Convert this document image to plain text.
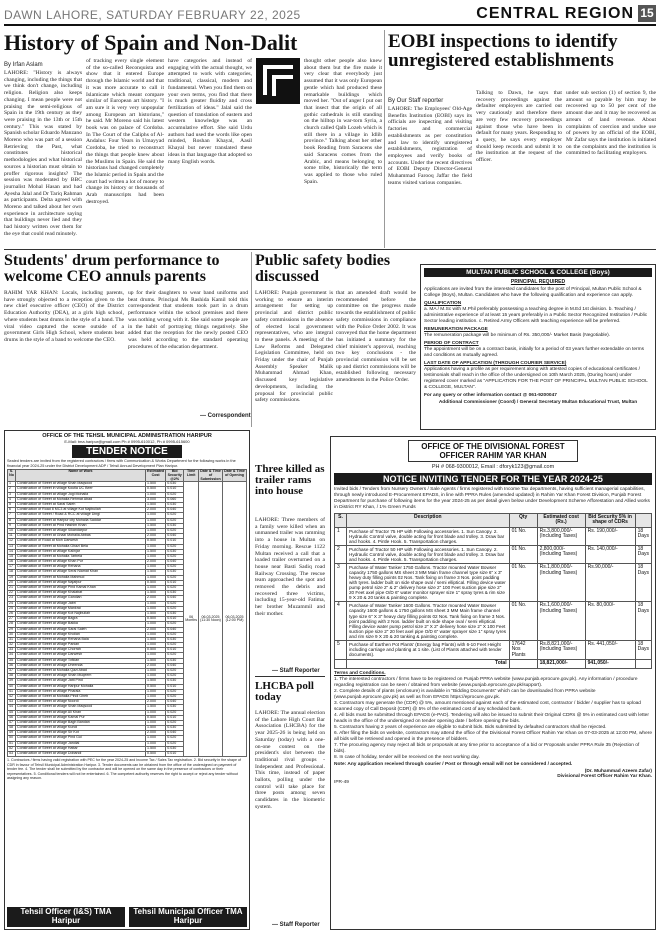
DAWN LAHORE, SATURDAY FEBRUARY 22, 2025	CENTRAL REGION 15
History of Spain and Non-Dalit
By Irfan Aslam
LAHORE: "History is always changing, including the things that we think don't change, including religion. Religion also keeps changing. I mean people were not praising the semi-religious of Spain in the 19th century as they were praising in the 13th or 15th century." This was stated by Spanish scholar Eduardo Manzano Moreno who was part of a session Retrieving the Past, what constitutes historical methodologies and what historical sources a historian must obtain to proffer rigorous insights? The session was moderated by BBC journalist Mohal Hasan and had Ayesha Jalal and Dr Tariq Rahman as participants. Delta agreed with Moreno and talked about her own experience in architecture saying that buildings never lied and they had history written over them for the eye that could read minutely.
of tracking every single element of the so-called Reconquista and show that it entered Europe through the Islamic world and that it was more accurate to call it Islamicate which meant compare similar of European art history. "I am sure it is very very unpopular among European art historians," he said. Mr Moreno said his latest book was on palace of Cordoba. In The Court of the Caliphs of Al-Andalus: Four Years in Umayyad Cordoba, he tried to reconstruct the things that people knew about the Muslims in Spain. He said the historians had changed completely the Islamic period in Spain and the court had written a lot of money to change its history or thousands of Arab manuscripts had been destroyed.
have categories and instead of engaging with the actual thought, we attempted to work with categories, traditional, classical, modern and fundamental. When you find them on your own terms, you find that there is much greater fluidity and cross fertilization of ideas." Jalal said the question of translation of eastern and western knowledge was an accumulative effort. She said Urdu authors had used the words like open minded, Roshan Khayal, Aasil Khayal but never translated these ideas in that language that adopted so many English words.
thought other people also knew about them but the fire made it very clear that everybody just assumed that it was only European gentle which had produced these remarkable buildings which moved her. "Out of anger I put out that insect that the origin of all gothic cathedrals is still standing on the hilltop in war-torn Syria, a church called Qalb Lozeh which is still there in a village in Idlib province." Talking about her other book Reading from Saracens she said Saracens comes from the Arabic, and means belonging to some tribe, historically the term was applied to those who ruled Spain.
EOBI inspections to identify unregistered establishments
By Our Staff reporter
LAHORE: The Employees' Old-Age Benefits Institution (EOBI) says its officials are inspecting and visiting factories and commercial establishments as per constitution and law to identify unregistered establishments, registration of employees and verify books of accounts. Under the recent directives of EOBI Deputy Director-General Muhammad Farooq Jaffar the field teams visited various companies.
Talking to Dawn, he says that recovery proceedings against the defaulter employers are carried out very cautiously and therefore there are very few recovery proceedings against those who have been in default for many years. Responding to a query, he says every employer should keep records and submit it to the institution at the request of the officer.
under sub section (1) of section 9, the amount so payable by him may be recovered up to 50 per cent of the amount due and it may be recovered as arrears of land revenue. About complaints of coercion and undue use of powers by an official of the EOBI, Mr Zafar says the institution is initiated on the complaints and the institution is committed to facilitating employers.
Students' drum performance to welcome CEO annuls parents
RAHIM YAR KHAN: Locals, including parents, have strongly objected to a reception given to the new chief executive officer (CEO) of the District Education Authority (DEA), at a girls high school, where students beat drums in the style of a band. The viral video captured the scene outside of a government Girls High School, where students beat drums in the style of a band to welcome the CEO.
up for their daughters to wear band uniforms and beat drums. Principal Ms Rashida Kamil told this correspondent that students took part in a drum performance within the school premises and there was nothing wrong with it. She said some people are in the habit of portraying things negatively. She added that the reception for the newly posted CEO was held according to the standard operating procedures of the education department.
— Correspondent
Public safety bodies discussed
LAHORE: Punjab government is working to ensure an interim arrangement for setting up provincial and district public safety commissions in the absence of elected local government representatives, who are integral to these panels. A meeting of the Law Reforms and Delegated Legislation Committee, held on Friday under the chair of Punjab Assembly Speaker Malik Muhammad Ahmad Khan, discussed key legislative developments, including the proposal for provincial public safety commissions.
that an amended draft would be recommended before the committee on the progress made towards the establishment of public safety commissions in compliance with the Police Order 2002. It was conveyed that the home department has initiated a summary for the chief minister's approval, reaching two key conclusions - the provincial commission will be set up and district commissions will be established following necessary amendments in the Police Order.
Three killed as trailer rams into house
LAHORE: Three members of a family were killed when an unmanned trailer was ramming into a house in Multan on Friday morning. Rescue 1122 Multan received a call that a loaded trailer overturned on a house near Basti Sadiq road Railway Crossing. The rescue team approached the spot and removed the debris and recovered three victims, including 15-year-old Fatima, her brother Muzammil and their mother.
— Staff Reporter
LHCBA poll today
LAHORE: The annual election of the Lahore High Court Bar Association (LHCBA) for the year 2025-26 is being held on Saturday (today) with a one-on-one contest on the president's slot between the traditional rival groups - Independent and Professional. This time, instead of paper ballots, polling under the control will take place for three posts among seven candidates in the biometric system.
— Staff Reporter
MULTAN PUBLIC SCHOOL & COLLEGE (Boys)
PRINCIPAL REQUIRED
Applications are invited from the interested candidates for the post of Principal, Multan Public School & College (Boys), Multan. Candidates who have the following qualification and experience can apply.
QUALIFICATION
a. MA / M.Sc with M.Phil preferably possessing a teaching degree in M.Ed 1st division. b. Teaching / administrative experience of at least 15 years preferably in a Public Sector Recognized Institution / Public Sector leading institution. c. Retired Army Officers with teaching experience will be preferred.
REMUNERATION PACKAGE
The remuneration package will be minimum of Rs. 350,000/- Market Basis (Negotiable).
PERIOD OF CONTRACT
The appointment will be on a contract basis, initially for a period of 03 years further extendable on terms and conditions as mutually agreed.
LAST DATE OF APPLICATION (THROUGH COURIER SERVICE)
Applications having a profile as per requirement along with attested copies of educational certificates / testimonials shall reach in the office of the undersigned on 10th March 2025, (During hours) under registered cover marked as "APPLICATION FOR THE POST OF PRINCIPAL MULTAN PUBLIC SCHOOL & COLLEGE, MULTAN".
For any query or other information contact @ 061-9200047
Additional Commissioner (Coord) / General Secretary Multan Educational Trust, Multan
OFFICE OF THE DIVISIONAL FOREST OFFICER RAHIM YAR KHAN
PH # 068-9300012, Email : dforyk123@gmail.com
NOTICE INVITING TENDER FOR THE YEAR 2024-25
Invited bids / Tenders from Nursery Owners / Sale Agents / firms registered with Income Tax departments, having sufficient managerial capabilities, through newly introduced E-Procurement EPADS, in line with PPRA Rules (amended updated) in Rahim Yar Khan Forest Division, Punjab Forest Department for purchase of following items for the year 2024-25 as per detail given below under Development Scheme Afforestation and Allied works in District RY Khan, / 1% Green Funds
S.	Description	Qty	Estimated cost (Rs.)	Bid Security 5% in shape of CDRs	
1	Purchase of Tractor 75 HP with Following accessories. 1. Sun Canopy. 2. Hydraulic Control valve, double acting for front blade and trolley. 3. Draw bar and hooks. 4. Pintle Hook. 5. Transportation charges.	01 No.	Rs.3,800,000/- (Including Taxes)	Rs. 190,000/-	18 Days
2	Purchase of Tractor 50 HP with Following accessories. 1. Sun Canopy. 2. Hydraulic Control valve, double acting for front blade and trolley. 3. Draw bar and hooks. 4. Pintle Hook. 5. Transportation charges.	01 No.	2,800,000/- (Including Taxes)	Rs. 140,000/-	18 Days
3	Purchase of Water Tanker 1750 Gallons. Tractor mounted Water Bowser capacity 1750 gallons MS sheet 3 MM Main frame channel type size 6" x 3" heavy duty filling points 02 Nos. Tank fixing on frame 3 Nos. point padding with tyres. ladder built on side shape oval / semi elliptical. Filling device water pump petrol size 2" & 2" delivery hose size 2" 100 Feet suction pipe size 2" 20 Feet axel pipe O/D 6" water monitor sprayer size 1" spray tyres & rim size 9 X 20 & 20 tanks & painting complete.	01 No.	Rs.1,800,000/- (Including Taxes)	Rs.90,000/-	18 Days
4	Purchase of Water Tanker 1600 Gallons. Tractor mounted Water Bowser capacity 1600 gallons & 1750 gallons MS sheet 3 MM Main frame channel type size 6" X 3" heavy duty filling points 02 Nos. Tank fixing on frame 3 Nos. point padding with 2 Nos. ladder built on side shape oval / semi elliptical. Filling device water pump petrol size 2" X 2" delivery hose size 2" X 100 Feet suction pipe size 2" 20 feet axel pipe O/D 6" water sprayer size 1" spray tyres and rim size 9 X 20 & 20 tanking & painting complete.	01 No.	Rs.1,600,000/- (Including Taxes)	Rs. 80,000/-	18 Days
5	Purchase of Earthen Pot Plants' (Energy bag Plants) with 6-10 Feet Height including carriage and planting at 1 site. (List of Plants attached with tender documents).	17642 Nos Plants	Rs.8,821,000/- (Including Taxes)	Rs. 441,050/-	18 Days
	Total		18,821,000/-	941,050/-	
Terms and Conditions.
1. The interested contractors / firms have to be registered on Punjab PPRA website (www.punjab.eprocure.gov.pk). Any information / procedure regarding registration can be seen / obtained from website (www.punjab.eprocure.gov.pk/support).
2. Complete details of plants (enclosure) is available in "Bidding Documents" which can be downloaded from PPRA website (www.punjab.eprocure.gov.pk) as well as from EPADS https://eprocure.gov.pk.
3. Contractors may generate the (CDR) @ 5%, amount mentioned against each of the estimated cost, contractor / bidder / supplier has to upload scanned copy of Call Deposit (CDR) @ 5% of the estimated cost of any scheduled bank.
4. All bids must be submitted through EPADS (e-PAD). Tendering will also be issued to submit their Original CDRs @ 5% in estimated cost with letter heads in the office of the undersigned on tender opening date / before opening the bids.
5. Contractors having 2 years of experience are eligible to submit bids. Bids submitted by defaulted contractors shall be rejected.
6. After filing the bids on website, contractors may attend the office of the Divisional Forest Officer Rahim Yar Khan on 07-03-2025 at 12:00 PM, where all bids will be retrieved and opened in the presence of bidders.
7. The procuring agency may reject all bids or proposals at any time prior to acceptance of a bid or Proposals under PPRA Rule 35 (Rejection of bids).
8. In case of holiday, tender will be received on the next working day.
Note: Any application received through courier / Post or through email will not be considered / accepted.
(Dr. Muhammad Azeem Zafar)
Divisional Forest Officer Rahim Yar Khan.
IPR-49
OFFICE OF THE TEHSIL MUNICIPAL ADMINISTRATION HARIPUR
E-Mail: tma.haripur@gmail.com Ph # 0995-610012, Ph # 0995-615600
TENDER NOTICE
Sealed tenders are invited from the registered contractors / firms with Communication & Works Department for the following works in the financial year 2024-25 under the District Development ADP / Tehsil Annual Development Plan Haripur.
S. No	Name of Work	Estimated Cost	Bid Security @2%	Time Limit	Date & Time of Submission	Date & Time of Opening
1	Construction of Street at village Shah Maqsood	1.500	0.030	06 Months	06.03.2025 (11:30 Noon)	06.03.2025 (12:00 PM)
2	Construction of Street in village Koutla UC Beer	0.500	0.010			
3	Construction of Street at village Jogi Mohalla	1.000	0.020			
4	Construction of Street at Mohalla Rehmat Abad	3.000	0.060			
5	Construction of Street at Sarai Saleh	1.500	0.030			
6	Construction of Road 8 MC3 at village Kot Najibullah	2.000	0.040			
7	Construction of Street / Road & RCC at village Dingi	1.000	0.020			
8	Construction of Street at Haripur city Mohalla Saddar	1.000	0.020			
9	Construction of Street at Pind Hashim Khan	1.500	0.030			
10	Construction of Street at village Sikandarpur	1.000	0.020			
11	Construction of Street at Ghazi Mohalla Abbas	2.000	0.040			
12	Construction of Road at Moh Darwesh	0.500	0.010			
13	Construction of Street at Mohalla Ghazi Bela	1.000	0.020			
14	Construction of Street at village Kalinjar	1.500	0.030			
15	Construction of Street at Mohalla Tarbela	1.000	0.020			
16	Construction of Street at village Khan Pur	2.000	0.040			
17	Construction of Street at village Rehana	1.000	0.020			
18	Construction of Street at village Serai Niamat Khan	1.500	0.030			
19	Construction of Street at Mohalla Mahmud	1.000	0.020			
20	Construction of Street at village Najafpur	0.500	0.010			
21	Construction of Street at village Pind Kamal Khan	1.000	0.020			
22	Construction of Street at village Khalabat	1.500	0.030			
23	Construction of Street at village Gandian	2.000	0.040			
24	Construction of Street at village Jabri	1.000	0.020			
25	Construction of Street at village Mankrai	1.000	0.020			
26	Construction of Street at village Kot Najibullah	1.500	0.030			
27	Construction of Street at village Bagra	0.500	0.010			
28	Construction of Street at village Bakka	1.000	0.020			
29	Construction of Street at village Sarai Saleh	2.000	0.040			
30	Construction of Street at village Kholian	1.000	0.020			
31	Construction of Street at village Rehana Bala	1.500	0.030			
32	Construction of Street at village Panian	1.000	0.020			
33	Construction of Street at village Chorrah	0.500	0.010			
34	Construction of Street at village Darwesh	1.000	0.020			
35	Construction of Street at village Tofkian	1.500	0.030			
36	Construction of Street at village Dheenda	2.000	0.040			
37	Construction of Street at Mohalla Qazi Abad	1.000	0.020			
38	Construction of Street at village Shah Muqeem	1.000	0.020			
39	Construction of Street at village Jatti Pind	1.500	0.030			
40	Construction of Street at village Haripur Mohalla	0.500	0.010			
41	Construction of Street at village Pharala	1.000	0.020			
42	Construction of Street at Mohalla Pindi Gheb	1.000	0.020			
43	Construction of Street at village Noordi	2.000	0.040			
44	Construction of Street at village Shah Maqsood	1.500	0.030			
45	Construction of Street at village Ali Khan	1.000	0.020			
46	Construction of Street at village Kamal Pur	0.500	0.010			
47	Construction of Street at village Bagh Bandan	1.000	0.020			
48	Construction of Street at village Kundi	1.500	0.030			
49	Construction of Street at village Sir Kot	2.000	0.040			
50	Construction of Street at village Pind Gul	1.000	0.020			
51	Construction of Street at village Jandial	1.000	0.020			
52	Construction of Street at village Hattar	1.500	0.030			
53	Construction of Street at village Dobandi	0.500	0.010			
1. Contractors / firms having valid registration with PEC for the year 2024-25 and Income Tax / Sales Tax registration. 2. Bid security in the shape of CDR in favour of Tehsil Municipal Administration Haripur. 3. Tender documents can be obtained from the office of the undersigned on payment of tender fee. 4. The tender shall be submitted by the contractor and will be opened on the same day in the presence of contractors or their representatives. 5. Conditional tenders will not be entertained. 6. The competent authority reserves the right to accept or reject any tender without assigning any reason.
Tehsil Officer (I&S) TMA Haripur
Tehsil Municipal Officer TMA Haripur
